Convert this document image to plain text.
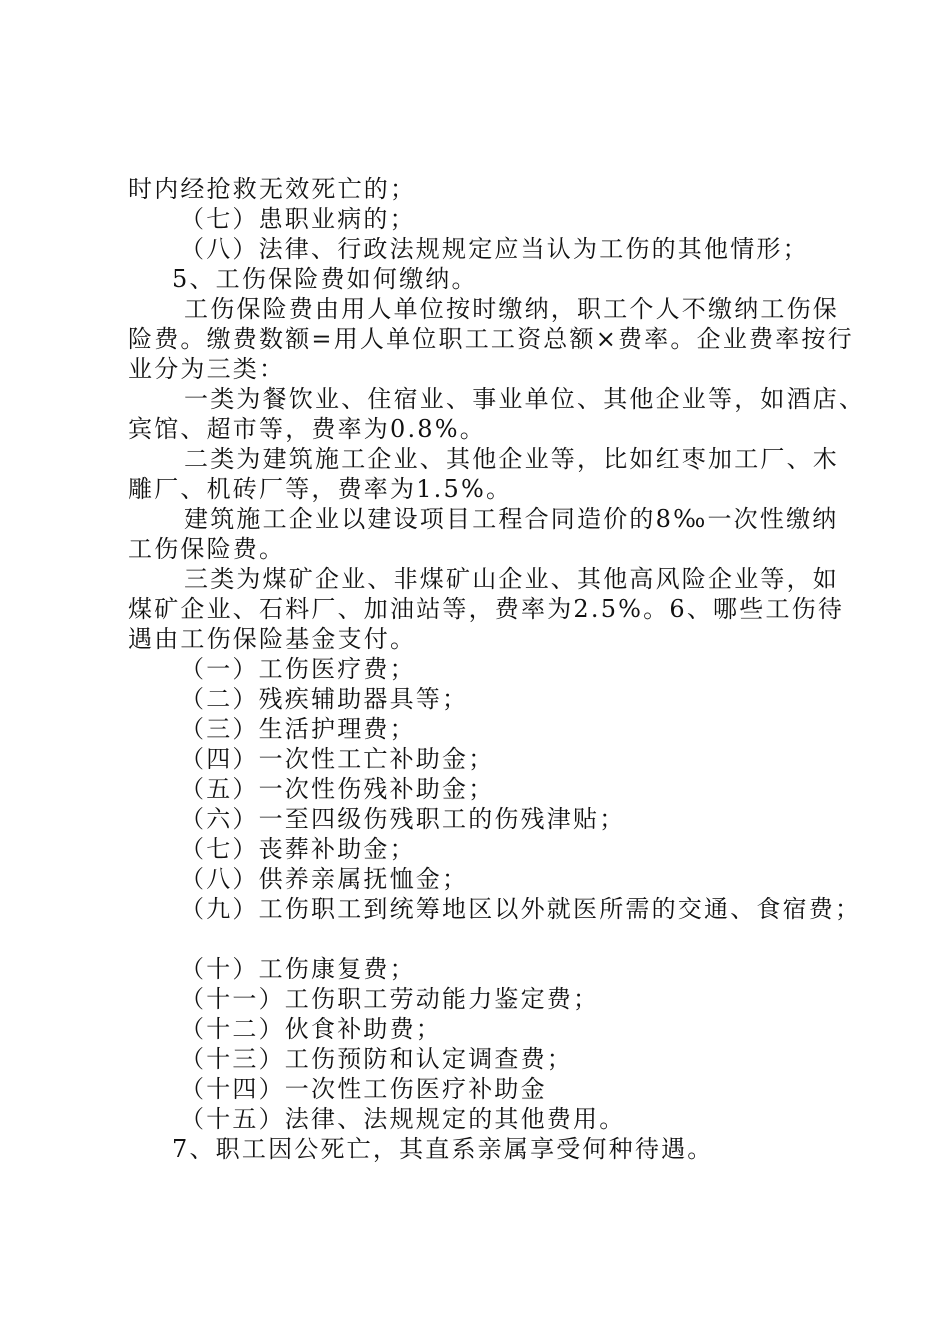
时内经抢救无效死亡的；
（七）患职业病的；
（八）法律、行政法规规定应当认为工伤的其他情形；
5、工伤保险费如何缴纳。
工伤保险费由用人单位按时缴纳，职工个人不缴纳工伤保
险费。缴费数额=用人单位职工工资总额×费率。企业费率按行
业分为三类：
一类为餐饮业、住宿业、事业单位、其他企业等，如酒店、
宾馆、超市等，费率为0.8%。
二类为建筑施工企业、其他企业等，比如红枣加工厂、木
雕厂、机砖厂等，费率为1.5%。
建筑施工企业以建设项目工程合同造价的8‰一次性缴纳
工伤保险费。
三类为煤矿企业、非煤矿山企业、其他高风险企业等，如
煤矿企业、石料厂、加油站等，费率为2.5%。6、哪些工伤待
遇由工伤保险基金支付。
（一）工伤医疗费；
（二）残疾辅助器具等；
（三）生活护理费；
（四）一次性工亡补助金；
（五）一次性伤残补助金；
（六）一至四级伤残职工的伤残津贴；
（七）丧葬补助金；
（八）供养亲属抚恤金；
（九）工伤职工到统筹地区以外就医所需的交通、食宿费；
（十）工伤康复费；
（十一）工伤职工劳动能力鉴定费；
（十二）伙食补助费；
（十三）工伤预防和认定调查费；
（十四）一次性工伤医疗补助金
（十五）法律、法规规定的其他费用。
7、职工因公死亡，其直系亲属享受何种待遇。
